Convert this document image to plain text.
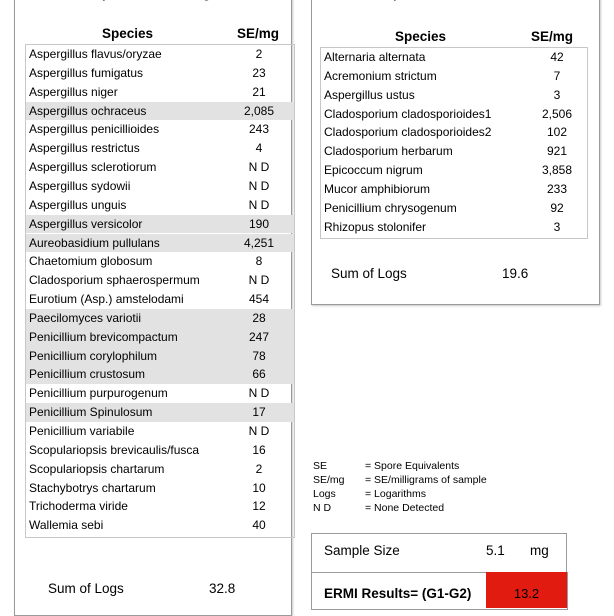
Species	SE/mg
Aspergillus flavus/oryzae	2
Aspergillus fumigatus	23
Aspergillus niger	21
Aspergillus ochraceus	2,085
Aspergillus penicillioides	243
Aspergillus restrictus	4
Aspergillus sclerotiorum	N D
Aspergillus sydowii	N D
Aspergillus unguis	N D
Aspergillus versicolor	190
Aureobasidium pullulans	4,251
Chaetomium globosum	8
Cladosporium sphaerospermum	N D
Eurotium (Asp.) amstelodami	454
Paecilomyces variotii	28
Penicillium brevicompactum	247
Penicillium corylophilum	78
Penicillium crustosum	66
Penicillium purpurogenum	N D
Penicillium Spinulosum	17
Penicillium variabile	N D
Scopulariopsis brevicaulis/fusca	16
Scopulariopsis chartarum	2
Stachybotrys chartarum	10
Trichoderma viride	12
Wallemia sebi	40
Sum of Logs	32.8
Species	SE/mg
Alternaria alternata	42
Acremonium strictum	7
Aspergillus ustus	3
Cladosporium cladosporioides1	2,506
Cladosporium cladosporioides2	102
Cladosporium herbarum	921
Epicoccum nigrum	3,858
Mucor amphibiorum	233
Penicillium chrysogenum	92
Rhizopus stolonifer	3
Sum of Logs	19.6
SE	= Spore Equivalents
SE/mg = SE/milligrams of sample
Logs	= Logarithms
N D	= None Detected
Sample Size	5.1 mg
ERMI Results= (G1-G2)	13.2
